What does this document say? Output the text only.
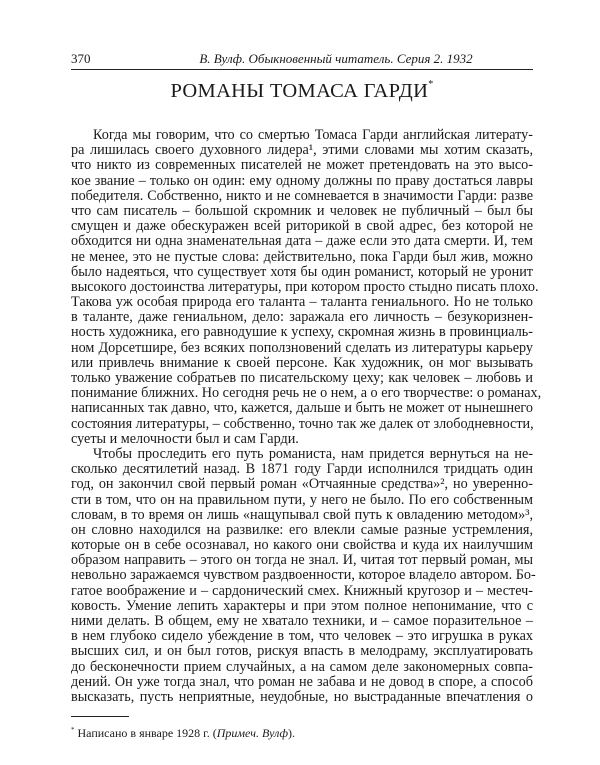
370	В. Вулф. Обыкновенный читатель. Серия 2. 1932
РОМАНЫ ТОМАСА ГАРДИ*
Когда мы говорим, что со смертью Томаса Гарди английская литерату-
ра лишилась своего духовного лидера¹, этими словами мы хотим сказать,
что никто из современных писателей не может претендовать на это высо-
кое звание – только он один: ему одному должны по праву достаться лавры
победителя. Собственно, никто и не сомневается в значимости Гарди: разве
что сам писатель – большой скромник и человек не публичный – был бы
смущен и даже обескуражен всей риторикой в свой адрес, без которой не
обходится ни одна знаменательная дата – даже если это дата смерти. И, тем
не менее, это не пустые слова: действительно, пока Гарди был жив, можно
было надеяться, что существует хотя бы один романист, который не уронит
высокого достоинства литературы, при котором просто стыдно писать плохо.
Такова уж особая природа его таланта – таланта гениального. Но не только
в таланте, даже гениальном, дело: заражала его личность – безукоризнен-
ность художника, его равнодушие к успеху, скромная жизнь в провинциаль-
ном Дорсетшире, без всяких поползновений сделать из литературы карьеру
или привлечь внимание к своей персоне. Как художник, он мог вызывать
только уважение собратьев по писательскому цеху; как человек – любовь и
понимание ближних. Но сегодня речь не о нем, а о его творчестве: о романах,
написанных так давно, что, кажется, дальше и быть не может от нынешнего
состояния литературы, – собственно, точно так же далек от злободневности,
суеты и мелочности был и сам Гарди.
Чтобы проследить его путь романиста, нам придется вернуться на не-
сколько десятилетий назад. В 1871 году Гарди исполнился тридцать один
год, он закончил свой первый роман «Отчаянные средства»², но уверенно-
сти в том, что он на правильном пути, у него не было. По его собственным
словам, в то время он лишь «нащупывал свой путь к овладению методом»³,
он словно находился на развилке: его влекли самые разные устремления,
которые он в себе осознавал, но какого они свойства и куда их наилучшим
образом направить – этого он тогда не знал. И, читая тот первый роман, мы
невольно заражаемся чувством раздвоенности, которое владело автором. Бо-
гатое воображение и – сардонический смех. Книжный кругозор и – местеч-
ковость. Умение лепить характеры и при этом полное непонимание, что с
ними делать. В общем, ему не хватало техники, и – самое поразительное –
в нем глубоко сидело убеждение в том, что человек – это игрушка в руках
высших сил, и он был готов, рискуя впасть в мелодраму, эксплуатировать
до бесконечности прием случайных, а на самом деле закономерных совпа-
дений. Он уже тогда знал, что роман не забава и не довод в споре, а способ
высказать, пусть неприятные, неудобные, но выстраданные впечатления о
* Написано в январе 1928 г. (Примеч. Вулф).
